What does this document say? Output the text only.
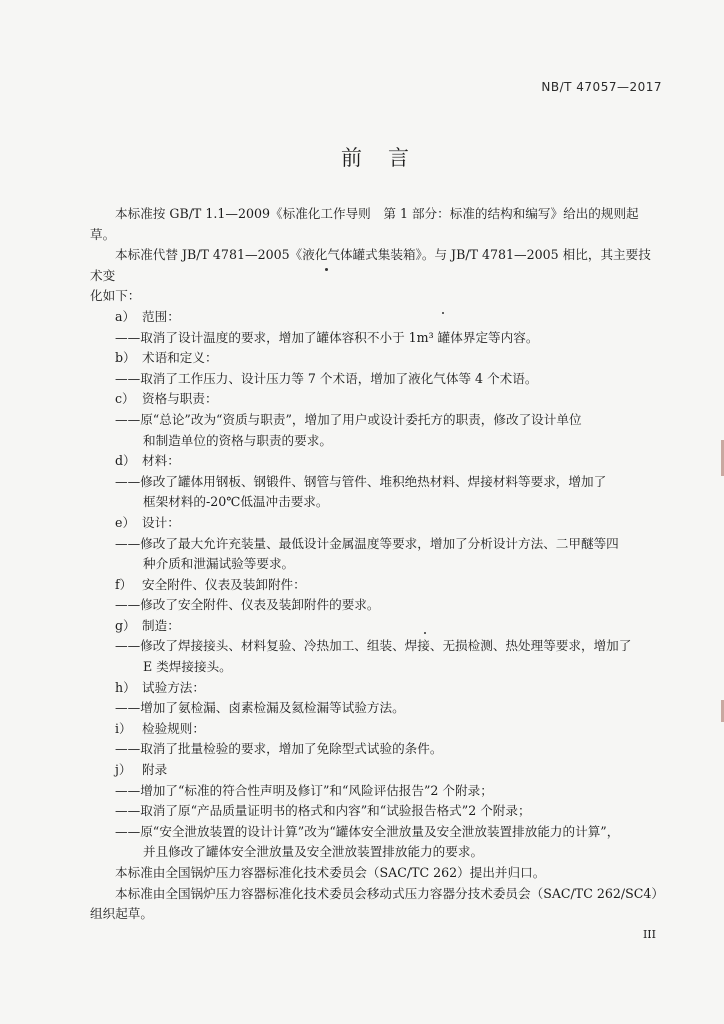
NB/T 47057—2017
前言

本标准按 GB/T 1.1—2009《标准化工作导则　第 1 部分：标准的结构和编写》给出的规则起草。

本标准代替 JB/T 4781—2005《液化气体罐式集装箱》。与 JB/T 4781—2005 相比，其主要技术变

化如下：

a） 范围：

——取消了设计温度的要求，增加了罐体容积不小于 1m³ 罐体界定等内容。

b） 术语和定义：

——取消了工作压力、设计压力等 7 个术语，增加了液化气体等 4 个术语。

c） 资格与职责：

——原“总论”改为“资质与职责”，增加了用户或设计委托方的职责，修改了设计单位

和制造单位的资格与职责的要求。

d） 材料：

——修改了罐体用钢板、钢锻件、钢管与管件、堆积绝热材料、焊接材料等要求，增加了

框架材料的-20℃低温冲击要求。

e） 设计：

——修改了最大允许充装量、最低设计金属温度等要求，增加了分析设计方法、二甲醚等四

种介质和泄漏试验等要求。

f） 安全附件、仪表及装卸附件：

——修改了安全附件、仪表及装卸附件的要求。

g） 制造：

——修改了焊接接头、材料复验、冷热加工、组装、焊接、无损检测、热处理等要求，增加了

E 类焊接接头。

h） 试验方法：

——增加了氨检漏、卤素检漏及氦检漏等试验方法。

i） 检验规则：

——取消了批量检验的要求，增加了免除型式试验的条件。

j） 附录

——增加了“标准的符合性声明及修订”和“风险评估报告”2 个附录；

——取消了原“产品质量证明书的格式和内容”和“试验报告格式”2 个附录；

——原“安全泄放装置的设计计算”改为“罐体安全泄放量及安全泄放装置排放能力的计算”，

并且修改了罐体安全泄放量及安全泄放装置排放能力的要求。

本标准由全国锅炉压力容器标准化技术委员会（SAC/TC 262）提出并归口。

本标准由全国锅炉压力容器标准化技术委员会移动式压力容器分技术委员会（SAC/TC 262/SC4）

组织起草。

III
